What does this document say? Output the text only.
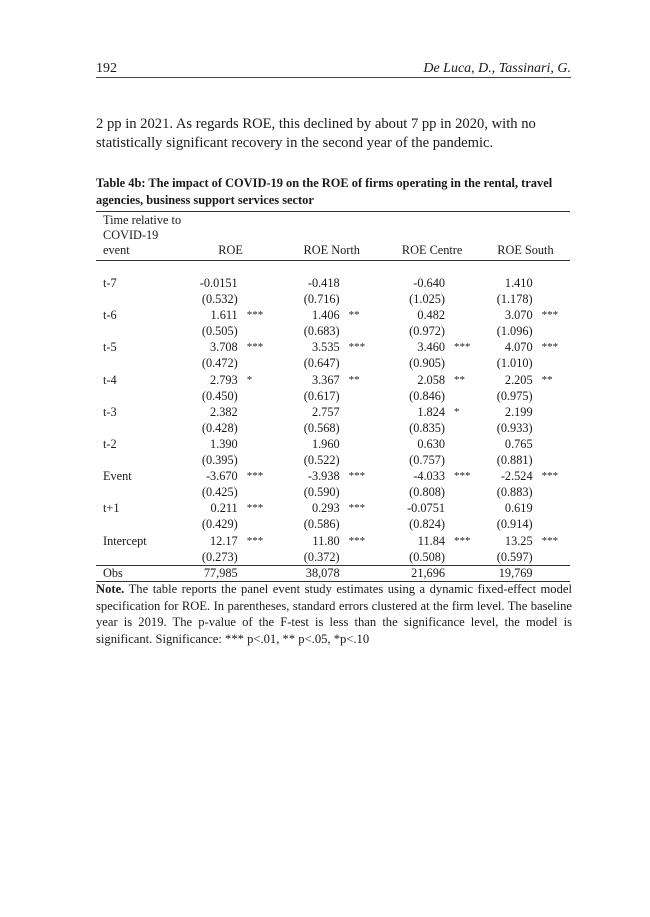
192	De Luca, D., Tassinari, G.

2 pp in 2021. As regards ROE, this declined by about 7 pp in 2020, with no statistically significant recovery in the second year of the pandemic.

Table 4b: The impact of COVID-19 on the ROE of firms operating in the rental, travel agencies, business support services sector

Time relative to
COVID-19
event	ROE		ROE North		ROE Centre		ROE South	
t-7	-0.0151		-0.418		-0.640		1.410	
	(0.532)		(0.716)		(1.025)		(1.178)	
t-6	1.611	***	1.406	**	0.482		3.070	***
	(0.505)		(0.683)		(0.972)		(1.096)	
t-5	3.708	***	3.535	***	3.460	***	4.070	***
	(0.472)		(0.647)		(0.905)		(1.010)	
t-4	2.793	*	3.367	**	2.058	**	2.205	**
	(0.450)		(0.617)		(0.846)		(0.975)	
t-3	2.382		2.757		1.824	*	2.199	
	(0.428)		(0.568)		(0.835)		(0.933)	
t-2	1.390		1.960		0.630		0.765	
	(0.395)		(0.522)		(0.757)		(0.881)	
Event	-3.670	***	-3.938	***	-4.033	***	-2.524	***
	(0.425)		(0.590)		(0.808)		(0.883)	
t+1	0.211	***	0.293	***	-0.0751		0.619	
	(0.429)		(0.586)		(0.824)		(0.914)	
Intercept	12.17	***	11.80	***	11.84	***	13.25	***
	(0.273)		(0.372)		(0.508)		(0.597)	
Obs	77,985		38,078		21,696		19,769	

Note. The table reports the panel event study estimates using a dynamic fixed-effect model specification for ROE. In parentheses, standard errors clustered at the firm level. The baseline year is 2019. The p-value of the F-test is less than the significance level, the model is significant. Significance: *** p<.01, ** p<.05, *p<.10
